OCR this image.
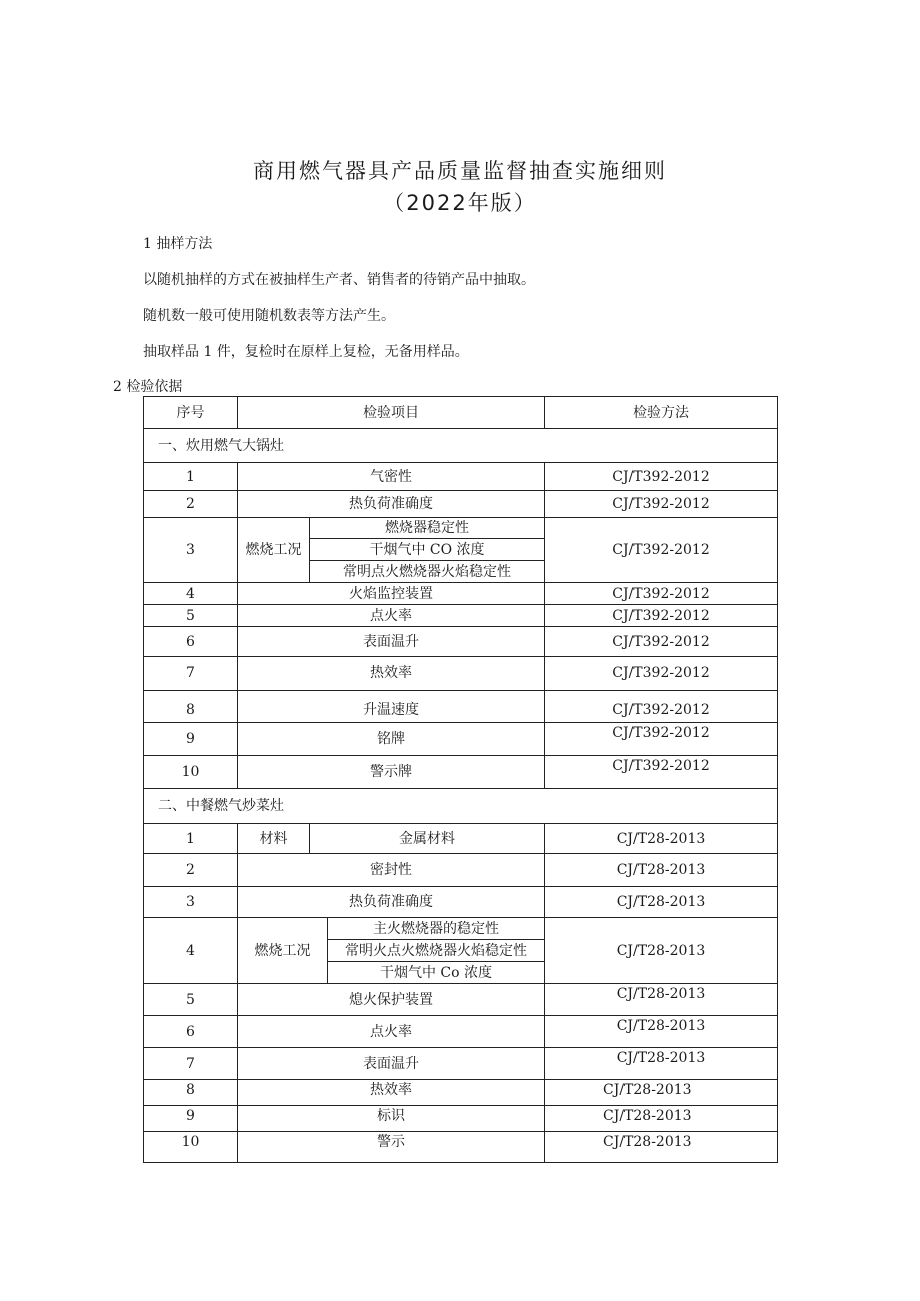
商用燃气器具产品质量监督抽查实施细则
（2022年版）
1 抽样方法
以随机抽样的方式在被抽样生产者、销售者的待销产品中抽取。
随机数一般可使用随机数表等方法产生。
抽取样品 1 件，复检时在原样上复检，无备用样品。
2 检验依据
序号	检验项目			检验方法
一、炊用燃气大锅灶				
1	气密性			CJ/T392-2012
2	热负荷准确度			CJ/T392-2012
3	燃烧工况	燃烧器稳定性		CJ/T392-2012
		干烟气中 CO 浓度		
		常明点火燃烧器火焰稳定性		
4	火焰监控装置			CJ/T392-2012
5	点火率			CJ/T392-2012
6	表面温升			CJ/T392-2012
7	热效率			CJ/T392-2012
8	升温速度			CJ/T392-2012
9	铭牌			CJ/T392-2012
10	警示牌			CJ/T392-2012
二、中餐燃气炒菜灶				
1	材料	金属材料		CJ/T28-2013
2	密封性			CJ/T28-2013
3	热负荷准确度			CJ/T28-2013
4	燃烧工况		主火燃烧器的稳定性	CJ/T28-2013
			常明火点火燃烧器火焰稳定性	
			干烟气中 Co 浓度	
5	熄火保护装置			CJ/T28-2013
6	点火率			CJ/T28-2013
7	表面温升			CJ/T28-2013
8	热效率			CJ/T28-2013
9	标识			CJ/T28-2013
10	警示			CJ/T28-2013
